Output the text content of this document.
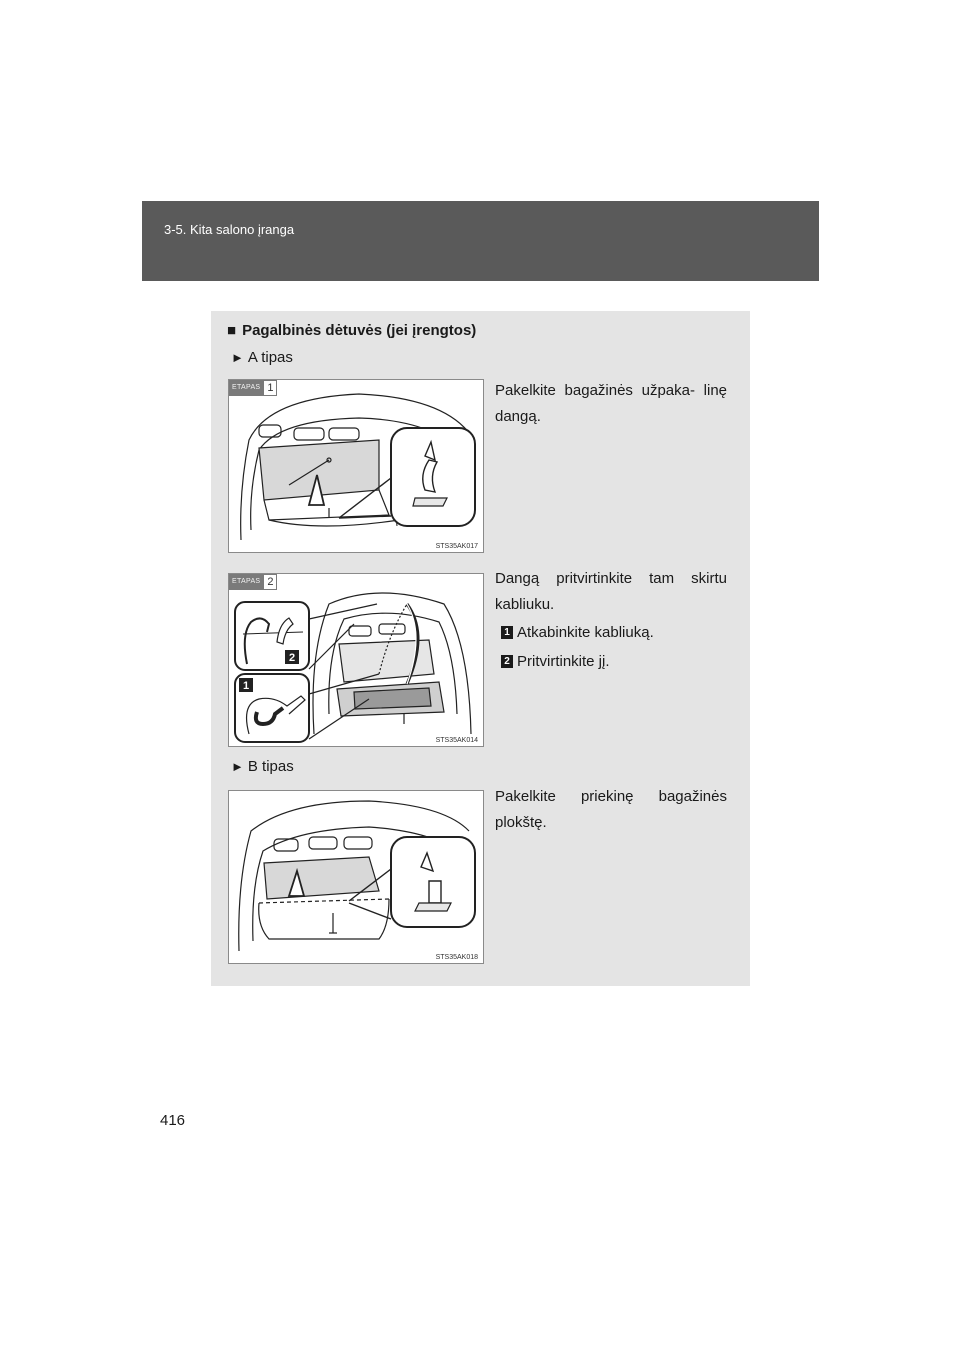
3-5. Kita salono įranga
■ Pagalbinės dėtuvės (jei įrengtos)
► A tipas
ETAPAS 1
STS35AK017
Pakelkite bagažinės užpaka- linę dangą.
2
1
ETAPAS 2
STS35AK014
Dangą pritvirtinkite tam skirtu kabliuku.
1 Atkabinkite kabliuką.
2 Pritvirtinkite jį.
► B tipas
STS35AK018
Pakelkite priekinę bagažinės plokštę.
416
